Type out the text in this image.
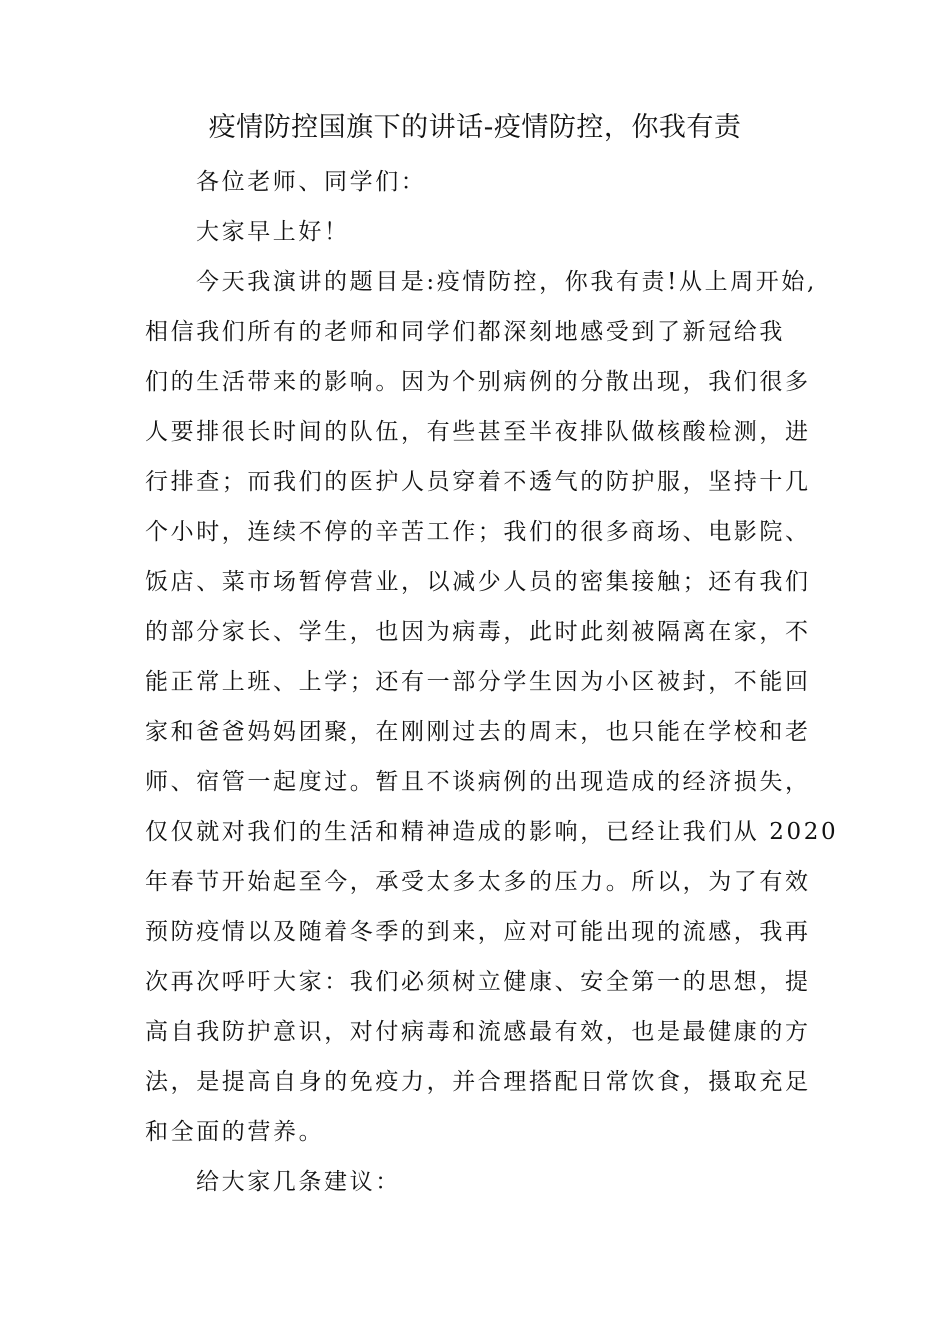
疫情防控国旗下的讲话-疫情防控，你我有责
各位老师、同学们：
大家早上好！
今天我演讲的题目是:疫情防控，你我有责!从上周开始,
相信我们所有的老师和同学们都深刻地感受到了新冠给我
们的生活带来的影响。因为个别病例的分散出现，我们很多
人要排很长时间的队伍，有些甚至半夜排队做核酸检测，进
行排查；而我们的医护人员穿着不透气的防护服，坚持十几
个小时，连续不停的辛苦工作；我们的很多商场、电影院、
饭店、菜市场暂停营业，以减少人员的密集接触；还有我们
的部分家长、学生，也因为病毒，此时此刻被隔离在家，不
能正常上班、上学；还有一部分学生因为小区被封，不能回
家和爸爸妈妈团聚，在刚刚过去的周末，也只能在学校和老
师、宿管一起度过。暂且不谈病例的出现造成的经济损失，
仅仅就对我们的生活和精神造成的影响，已经让我们从 2020
年春节开始起至今，承受太多太多的压力。所以，为了有效
预防疫情以及随着冬季的到来，应对可能出现的流感，我再
次再次呼吁大家：我们必须树立健康、安全第一的思想，提
高自我防护意识，对付病毒和流感最有效，也是最健康的方
法，是提高自身的免疫力，并合理搭配日常饮食，摄取充足
和全面的营养。
给大家几条建议：
